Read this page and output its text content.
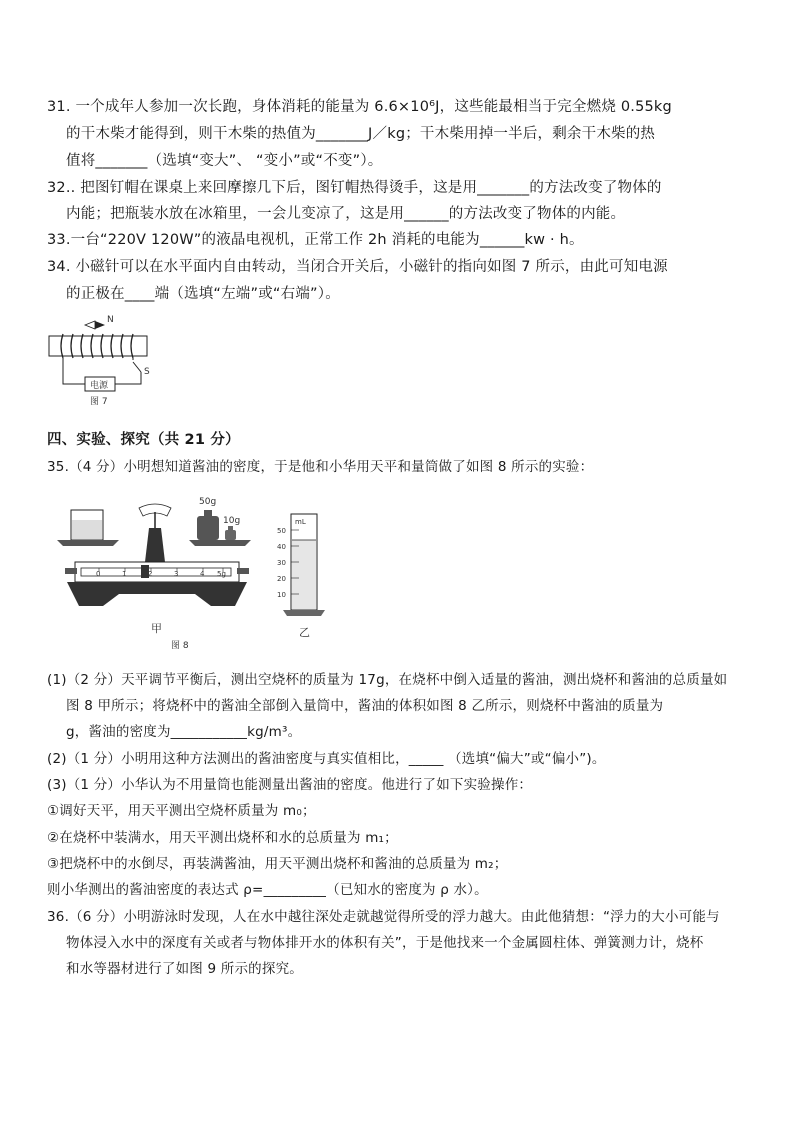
31. 一个成年人参加一次长跑，身体消耗的能量为 6.6×10⁶J，这些能最相当于完全燃烧 0.55kg
的干木柴才能得到，则干木柴的热值为_______J／kg；干木柴用掉一半后，剩余干木柴的热
值将_______（选填“变大”、 “变小”或“不变”）。
32.. 把图钉帽在课桌上来回摩擦几下后，图钉帽热得烫手，这是用_______的方法改变了物体的
内能；把瓶装水放在冰箱里，一会儿变凉了，这是用______的方法改变了物体的内能。
33.一台“220V 120W”的液晶电视机，正常工作 2h 消耗的电能为______kw · h。
34. 小磁针可以在水平面内自由转动，当闭合开关后，小磁针的指向如图 7 所示，由此可知电源
的正极在____端（选填“左端”或“右端”）。
N
电源
S
图 7
四、实验、探究（共 21 分）
35.（4 分）小明想知道酱油的密度，于是他和小华用天平和量筒做了如图 8 所示的实验：
50g
10g
0	1	2	3	4 5g
甲
图 8
mL
50
40
30
20
10
乙
(1)（2 分）天平调节平衡后，测出空烧杯的质量为 17g，在烧杯中倒入适量的酱油，测出烧杯和酱油的总质量如
图 8 甲所示；将烧杯中的酱油全部倒入量筒中，酱油的体积如图 8 乙所示，则烧杯中酱油的质量为
g，酱油的密度为___________kg/m³。
(2)（1 分）小明用这种方法测出的酱油密度与真实值相比，_____ （选填“偏大”或“偏小”)。
(3)（1 分）小华认为不用量筒也能测量出酱油的密度。他进行了如下实验操作：
①调好天平，用天平测出空烧杯质量为 m₀；
②在烧杯中装满水，用天平测出烧杯和水的总质量为 m₁；
③把烧杯中的水倒尽，再装满酱油，用天平测出烧杯和酱油的总质量为 m₂；
则小华测出的酱油密度的表达式 ρ=_________（已知水的密度为 ρ 水）。
36.（6 分）小明游泳时发现，人在水中越往深处走就越觉得所受的浮力越大。由此他猜想：“浮力的大小可能与
物体浸入水中的深度有关或者与物体排开水的体积有关”，于是他找来一个金属圆柱体、弹簧测力计，烧杯
和水等器材进行了如图 9 所示的探究。
